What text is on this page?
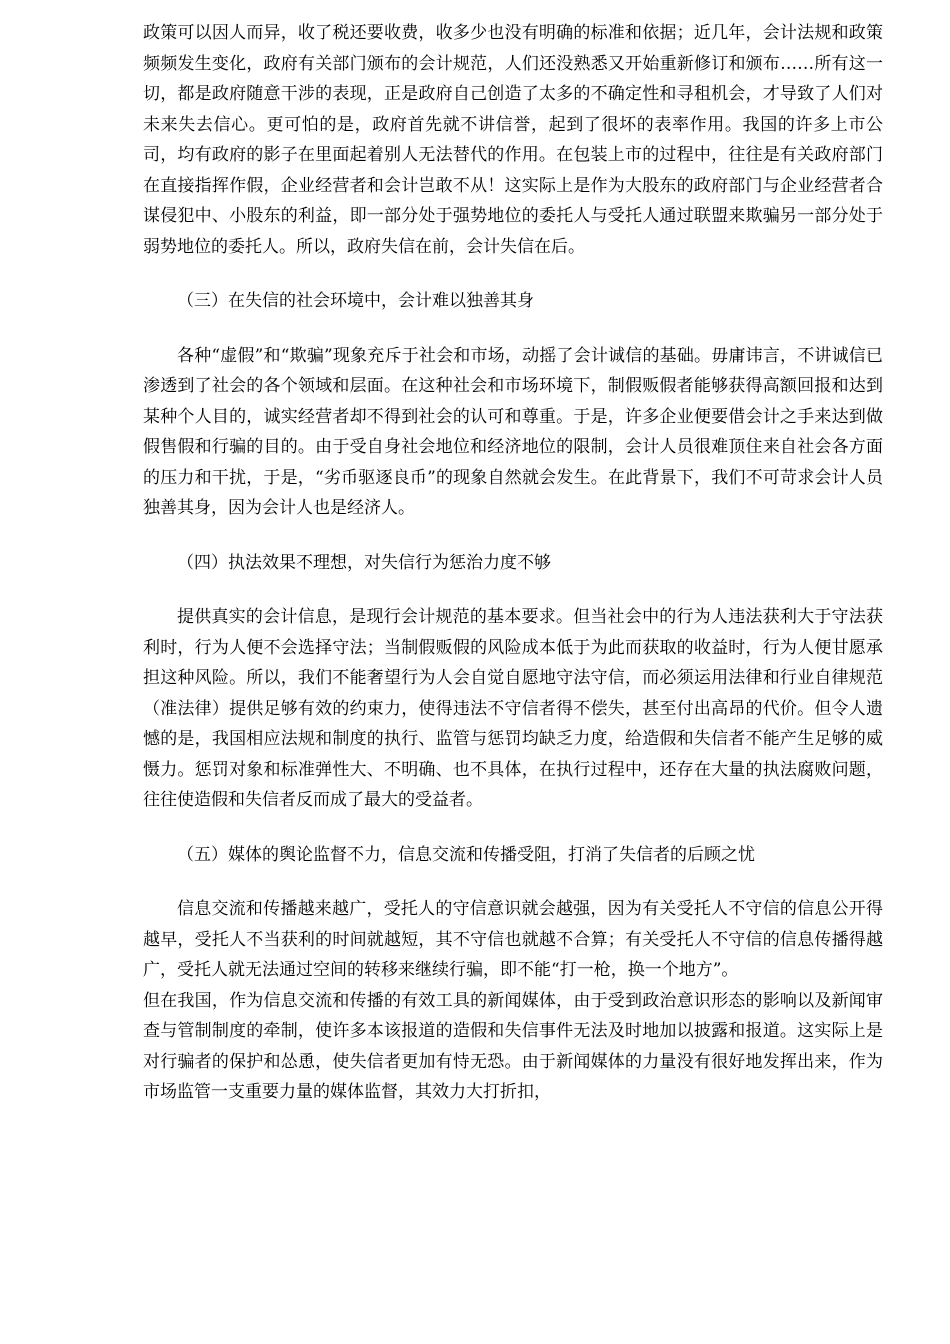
政策可以因人而异，收了税还要收费，收多少也没有明确的标准和依据；近几年，会计法规和政策频频发生变化，政府有关部门颁布的会计规范，人们还没熟悉又开始重新修订和颁布……所有这一切，都是政府随意干涉的表现，正是政府自己创造了太多的不确定性和寻租机会，才导致了人们对未来失去信心。更可怕的是，政府首先就不讲信誉，起到了很坏的表率作用。我国的许多上市公司，均有政府的影子在里面起着别人无法替代的作用。在包装上市的过程中，往往是有关政府部门在直接指挥作假，企业经营者和会计岂敢不从！这实际上是作为大股东的政府部门与企业经营者合谋侵犯中、小股东的利益，即一部分处于强势地位的委托人与受托人通过联盟来欺骗另一部分处于弱势地位的委托人。所以，政府失信在前，会计失信在后。

（三）在失信的社会环境中，会计难以独善其身

各种“虚假”和“欺骗”现象充斥于社会和市场，动摇了会计诚信的基础。毋庸讳言，不讲诚信已渗透到了社会的各个领域和层面。在这种社会和市场环境下，制假贩假者能够获得高额回报和达到某种个人目的，诚实经营者却不得到社会的认可和尊重。于是，许多企业便要借会计之手来达到做假售假和行骗的目的。由于受自身社会地位和经济地位的限制，会计人员很难顶住来自社会各方面的压力和干扰，于是，“劣币驱逐良币”的现象自然就会发生。在此背景下，我们不可苛求会计人员独善其身，因为会计人也是经济人。

（四）执法效果不理想，对失信行为惩治力度不够

提供真实的会计信息，是现行会计规范的基本要求。但当社会中的行为人违法获利大于守法获利时，行为人便不会选择守法；当制假贩假的风险成本低于为此而获取的收益时，行为人便甘愿承担这种风险。所以，我们不能奢望行为人会自觉自愿地守法守信，而必须运用法律和行业自律规范（准法律）提供足够有效的约束力，使得违法不守信者得不偿失，甚至付出高昂的代价。但令人遗憾的是，我国相应法规和制度的执行、监管与惩罚均缺乏力度，给造假和失信者不能产生足够的威慑力。惩罚对象和标准弹性大、不明确、也不具体，在执行过程中，还存在大量的执法腐败问题，往往使造假和失信者反而成了最大的受益者。

（五）媒体的舆论监督不力，信息交流和传播受阻，打消了失信者的后顾之忧

信息交流和传播越来越广，受托人的守信意识就会越强，因为有关受托人不守信的信息公开得越早，受托人不当获利的时间就越短，其不守信也就越不合算；有关受托人不守信的信息传播得越广，受托人就无法通过空间的转移来继续行骗，即不能“打一枪，换一个地方”。

但在我国，作为信息交流和传播的有效工具的新闻媒体，由于受到政治意识形态的影响以及新闻审查与管制制度的牵制，使许多本该报道的造假和失信事件无法及时地加以披露和报道。这实际上是对行骗者的保护和怂恿，使失信者更加有恃无恐。由于新闻媒体的力量没有很好地发挥出来，作为市场监管一支重要力量的媒体监督，其效力大打折扣，
